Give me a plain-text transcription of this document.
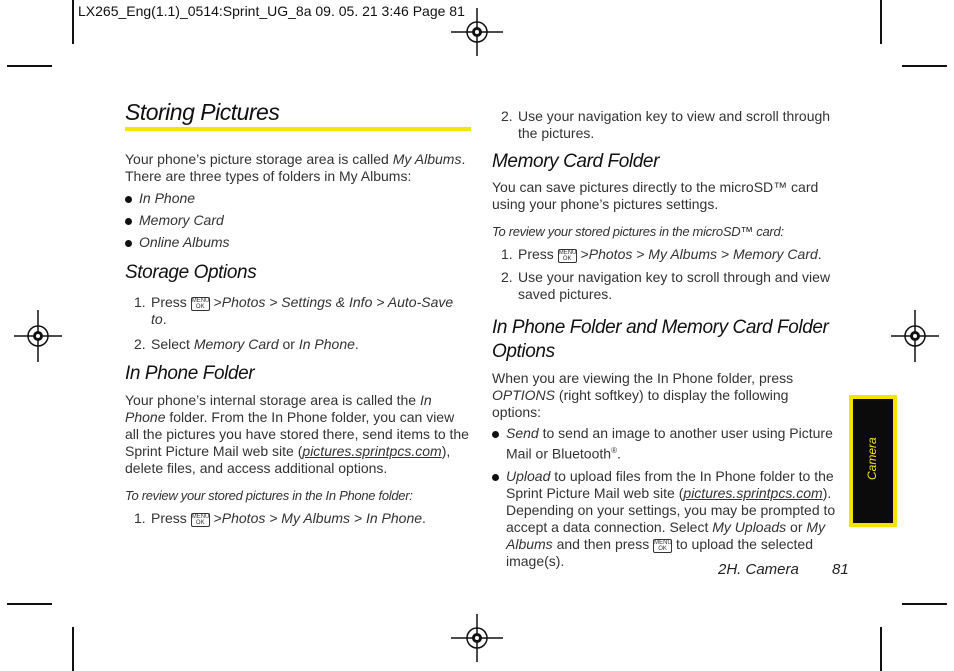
LX265_Eng(1.1)_0514:Sprint_UG_8a 09. 05. 21 3:46 Page 81
Storing Pictures

Your phone’s picture storage area is called My Albums. There are three types of folders in My Albums:

In Phone
Memory Card
Online Albums
Storage Options
1. Press MENU
OK >Photos > Settings & Info > Auto-Save to.
2. Select Memory Card or In Phone.
In Phone Folder

Your phone’s internal storage area is called the In Phone folder. From the In Phone folder, you can view all the pictures you have stored there, send items to the Sprint Picture Mail web site (pictures.sprintpcs.com), delete files, and access additional options.

To review your stored pictures in the In Phone folder:

1. Press MENU
OK >Photos > My Albums > In Phone.
2. Use your navigation key to view and scroll through the pictures.
Memory Card Folder

You can save pictures directly to the microSD™ card using your phone’s pictures settings.

To review your stored pictures in the microSD™ card:

1. Press MENU
OK >Photos > My Albums > Memory Card.
2. Use your navigation key to scroll through and view saved pictures.
In Phone Folder and Memory Card Folder Options

When you are viewing the In Phone folder, press OPTIONS (right softkey) to display the following options:

Send to send an image to another user using Picture Mail or Bluetooth®.
Upload to upload files from the In Phone folder to the Sprint Picture Mail web site (pictures.sprintpcs.com). Depending on your settings, you may be prompted to accept a data connection. Select My Uploads or My Albums and then press MENU
OK to upload the selected image(s).
Camera
2H. Camera 81
